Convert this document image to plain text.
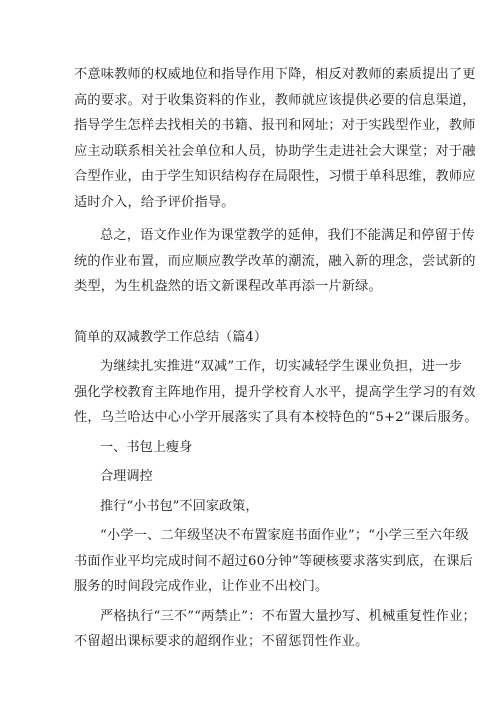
不意味教师的权威地位和指导作用下降，相反对教师的素质提出了更
高的要求。对于收集资料的作业，教师就应该提供必要的信息渠道，
指导学生怎样去找相关的书籍、报刊和网址；对于实践型作业，教师
应主动联系相关社会单位和人员，协助学生走进社会大课堂；对于融
合型作业，由于学生知识结构存在局限性，习惯于单科思维，教师应
适时介入，给予评价指导。
总之，语文作业作为课堂教学的延伸，我们不能满足和停留于传
统的作业布置，而应顺应教学改革的潮流，融入新的理念，尝试新的
类型，为生机盎然的语文新课程改革再添一片新绿。
简单的双减教学工作总结（篇4）
为继续扎实推进“双减”工作，切实减轻学生课业负担，进一步
强化学校教育主阵地作用，提升学校育人水平，提高学生学习的有效
性，乌兰哈达中心小学开展落实了具有本校特色的“5+2”课后服务。
一、书包上瘦身
合理调控
推行“小书包”不回家政策，
“小学一、二年级坚决不布置家庭书面作业”；“小学三至六年级
书面作业平均完成时间不超过60分钟”等硬核要求落实到底，在课后
服务的时间段完成作业，让作业不出校门。
严格执行“三不”“两禁止”：不布置大量抄写、机械重复性作业；
不留超出课标要求的超纲作业；不留惩罚性作业。
